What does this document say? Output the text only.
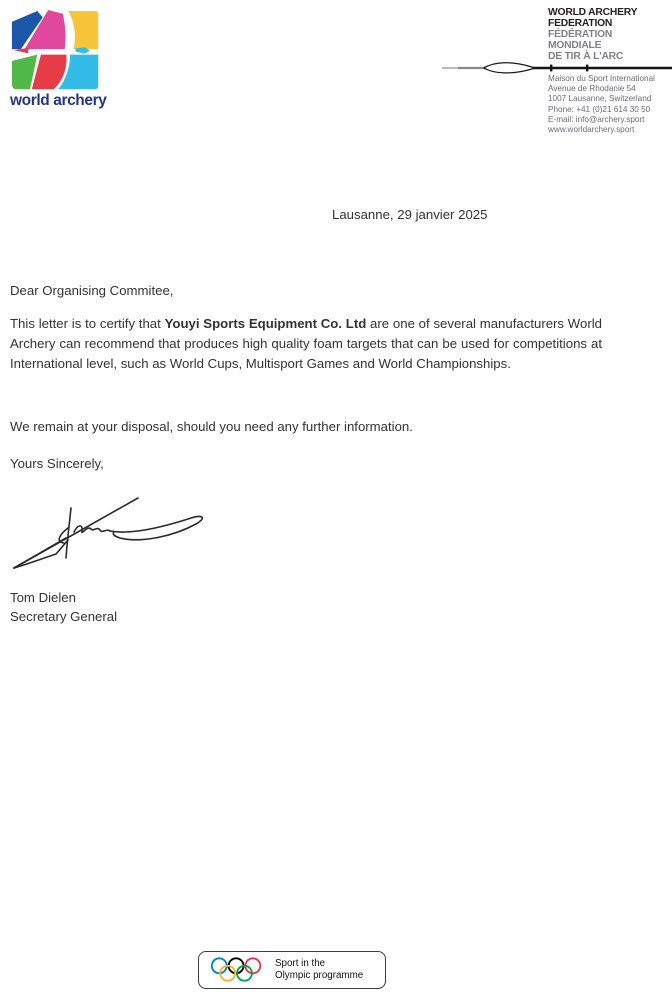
world archery
WORLD ARCHERY
FEDERATION
FÉDÉRATION
MONDIALE
DE TIR À L'ARC
Maison du Sport International
Avenue de Rhodanie 54
1007 Lausanne, Switzerland
Phone: +41 (0)21 614 30 50
E-mail: info@archery.sport
www.worldarchery.sport
Lausanne, 29 janvier 2025
Dear Organising Commitee,

This letter is to certify that Youyi Sports Equipment Co. Ltd are one of several manufacturers World Archery can recommend that produces high quality foam targets that can be used for competitions at International level, such as World Cups, Multisport Games and World Championships.

We remain at your disposal, should you need any further information.

Yours Sincerely,

Tom Dielen
Secretary General
Sport in the
Olympic programme
